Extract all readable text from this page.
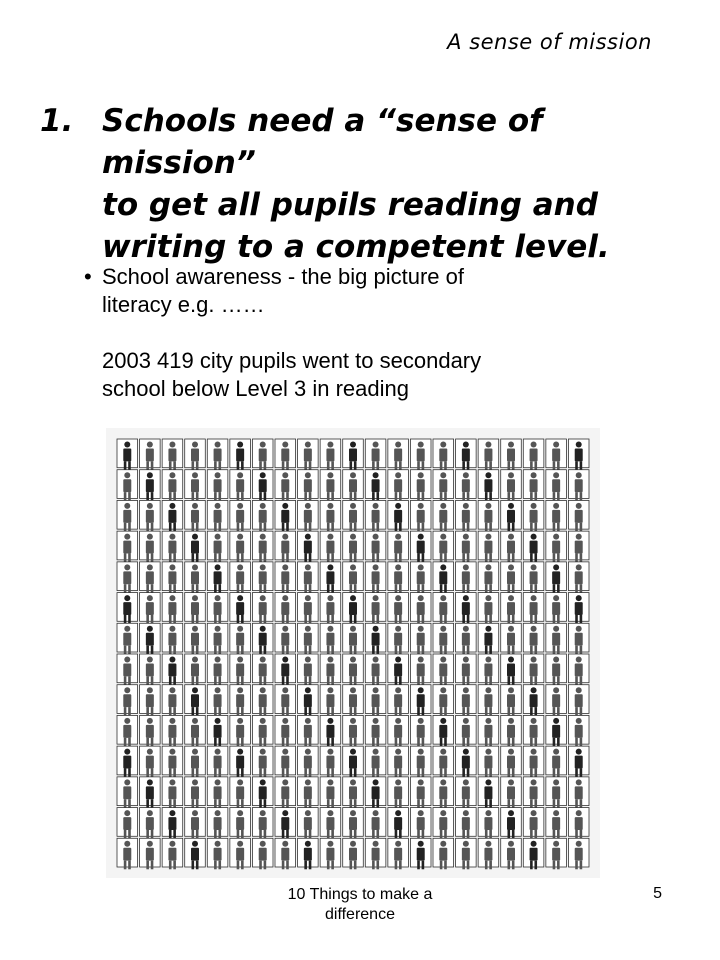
A sense of mission
1. Schools need a “sense of mission”
to get all pupils reading and
writing to a competent level.
• School awareness - the big picture of
literacy e.g. ……
2003 419 city pupils went to secondary
school below Level 3 in reading
10 Things to make a
difference
5
